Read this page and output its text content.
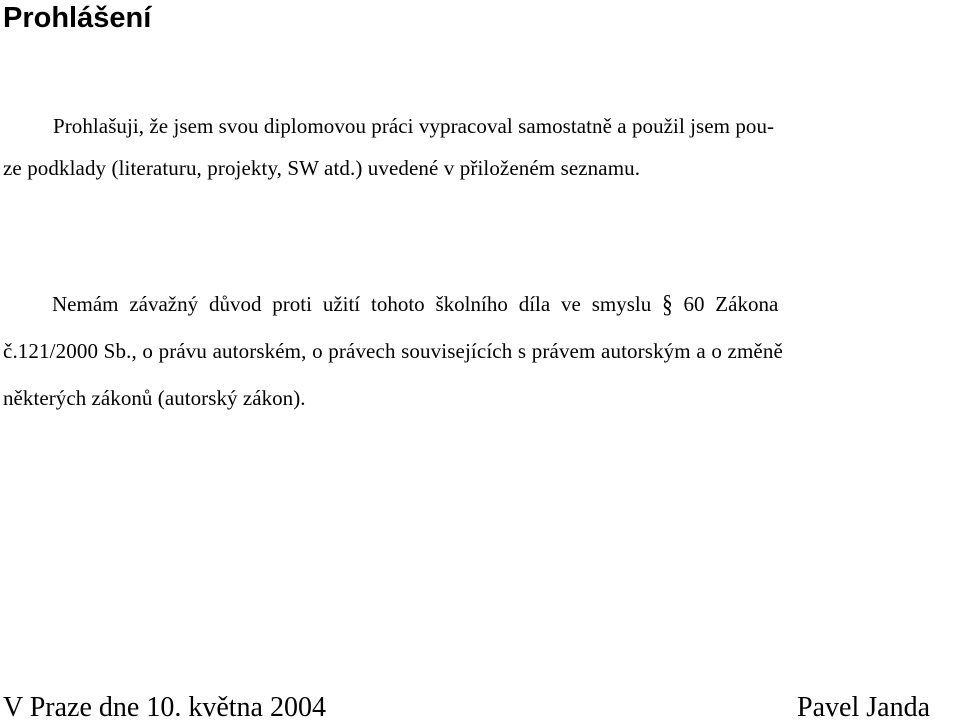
Prohlášení
Prohlašuji, že jsem svou diplomovou práci vypracoval samostatně a použil jsem pou-
ze podklady (literaturu, projekty, SW atd.) uvedené v přiloženém seznamu.
Nemám závažný důvod proti užití tohoto školního díla ve smyslu § 60 Zákona
č.121/2000 Sb., o právu autorském, o právech souvisejících s právem autorským a o změně
některých zákonů (autorský zákon).

V Praze dne 10. května 2004	Pavel Janda
